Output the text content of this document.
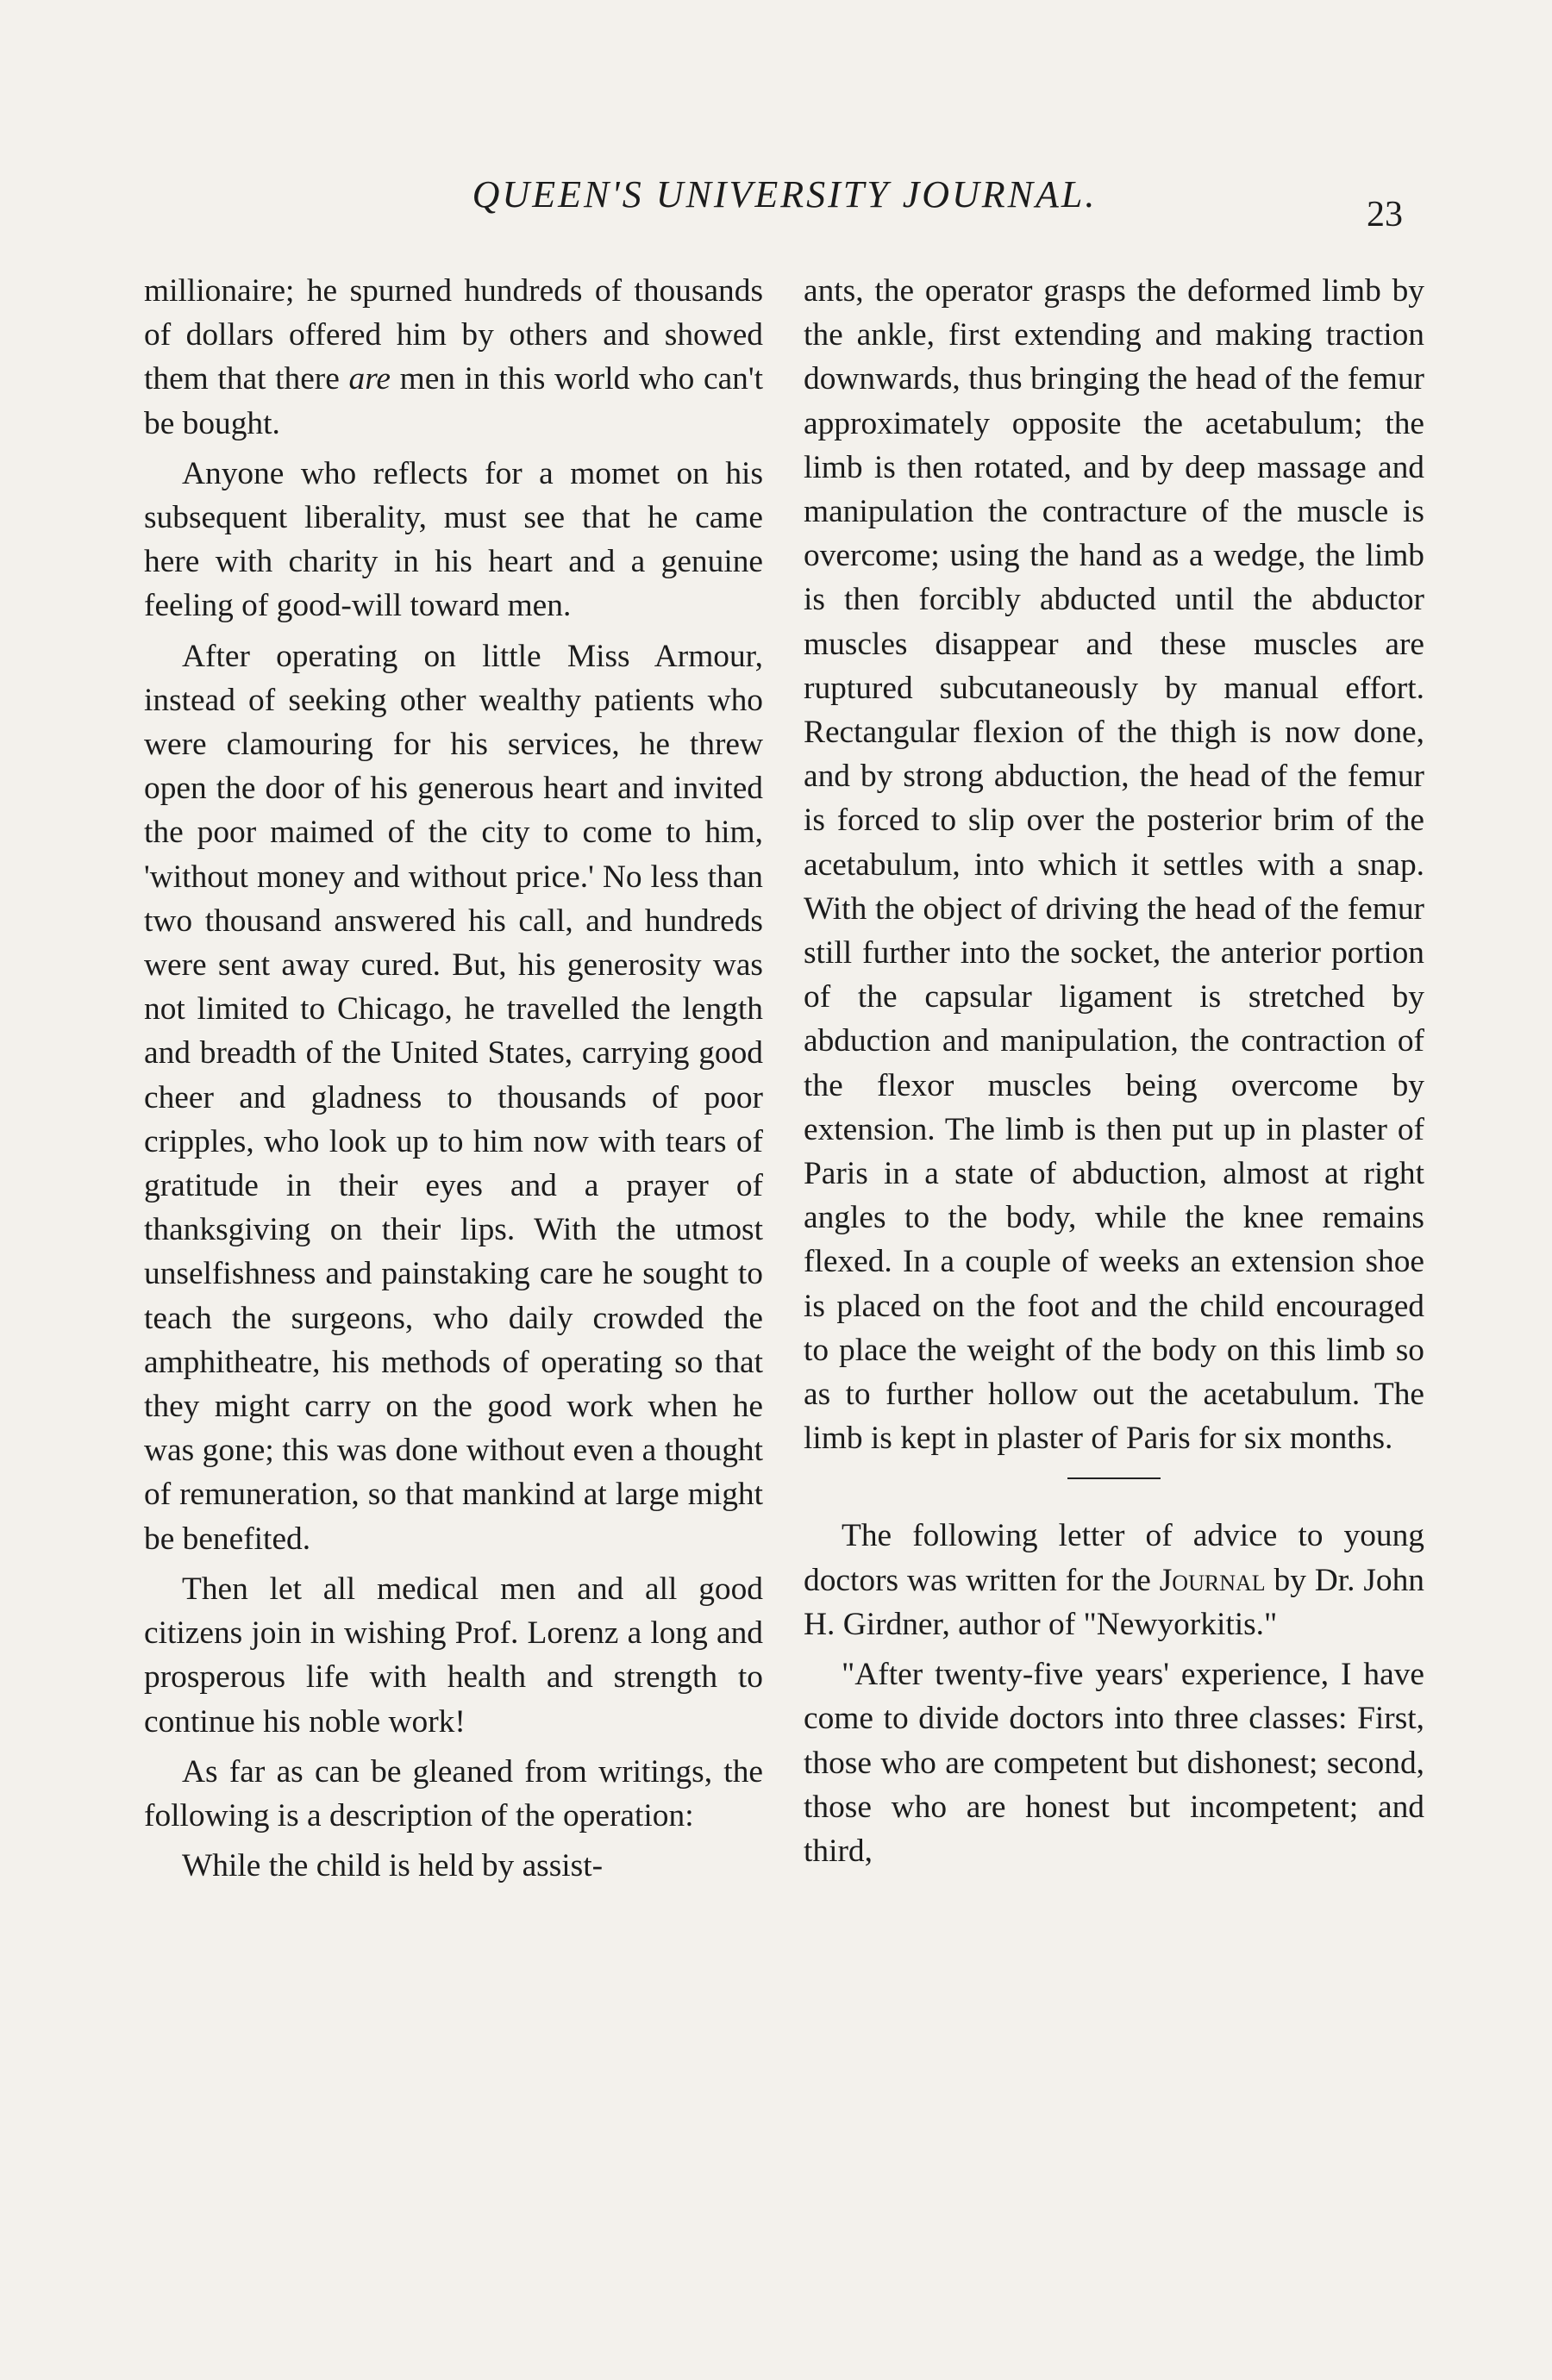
QUEEN'S UNIVERSITY JOURNAL.	23

millionaire; he spurned hundreds of thousands of dollars offered him by others and showed them that there are men in this world who can't be bought.

Anyone who reflects for a momet on his subsequent liberality, must see that he came here with charity in his heart and a genuine feeling of good-will toward men.

After operating on little Miss Armour, instead of seeking other wealthy patients who were clamouring for his services, he threw open the door of his generous heart and invited the poor maimed of the city to come to him, 'without money and without price.' No less than two thousand answered his call, and hundreds were sent away cured. But, his generosity was not limited to Chicago, he travelled the length and breadth of the United States, carrying good cheer and gladness to thousands of poor cripples, who look up to him now with tears of gratitude in their eyes and a prayer of thanksgiving on their lips. With the utmost unselfishness and painstaking care he sought to teach the surgeons, who daily crowded the amphitheatre, his methods of operating so that they might carry on the good work when he was gone; this was done without even a thought of remuneration, so that mankind at large might be benefited.

Then let all medical men and all good citizens join in wishing Prof. Lorenz a long and prosperous life with health and strength to continue his noble work!

As far as can be gleaned from writings, the following is a description of the operation:

While the child is held by assist-

ants, the operator grasps the deformed limb by the ankle, first extending and making traction downwards, thus bringing the head of the femur approximately opposite the acetabulum; the limb is then rotated, and by deep massage and manipulation the contracture of the muscle is overcome; using the hand as a wedge, the limb is then forcibly abducted until the abductor muscles disappear and these muscles are ruptured subcutaneously by manual effort. Rectangular flexion of the thigh is now done, and by strong abduction, the head of the femur is forced to slip over the posterior brim of the acetabulum, into which it settles with a snap. With the object of driving the head of the femur still further into the socket, the anterior portion of the capsular ligament is stretched by abduction and manipulation, the contraction of the flexor muscles being overcome by extension. The limb is then put up in plaster of Paris in a state of abduction, almost at right angles to the body, while the knee remains flexed. In a couple of weeks an extension shoe is placed on the foot and the child encouraged to place the weight of the body on this limb so as to further hollow out the acetabulum. The limb is kept in plaster of Paris for six months.

The following letter of advice to young doctors was written for the Journal by Dr. John H. Girdner, author of "Newyorkitis."

"After twenty-five years' experience, I have come to divide doctors into three classes: First, those who are competent but dishonest; second, those who are honest but incompetent; and third,
